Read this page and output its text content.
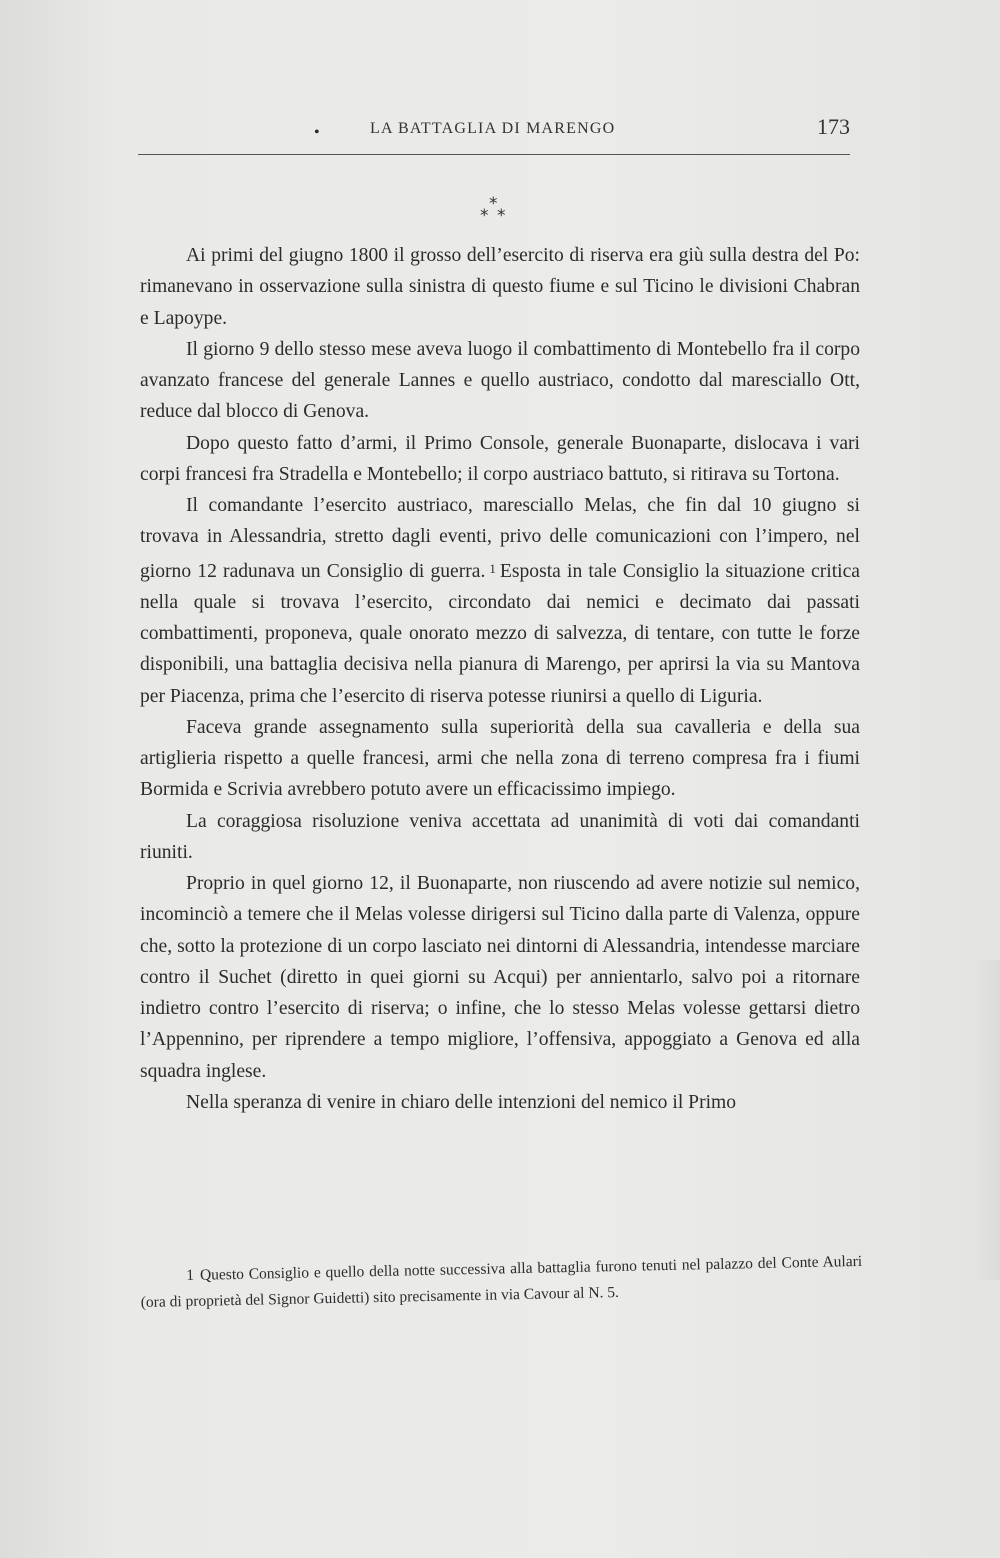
•	LA BATTAGLIA DI MARENGO	173
*
* *

Ai primi del giugno 1800 il grosso dell’esercito di riserva era giù sulla destra del Po: rimanevano in osservazione sulla sinistra di questo fiume e sul Ticino le divisioni Chabran e Lapoype.

Il giorno 9 dello stesso mese aveva luogo il combattimento di Montebello fra il corpo avanzato francese del generale Lannes e quello austriaco, condotto dal maresciallo Ott, reduce dal blocco di Genova.

Dopo questo fatto d’armi, il Primo Console, generale Buonaparte, dislocava i vari corpi francesi fra Stradella e Montebello; il corpo austriaco battuto, si ritirava su Tortona.

Il comandante l’esercito austriaco, maresciallo Melas, che fin dal 10 giugno si trovava in Alessandria, stretto dagli eventi, privo delle comunicazioni con l’impero, nel giorno 12 radunava un Consiglio di guerra. $^1$ Esposta in tale Consiglio la situazione critica nella quale si trovava l’esercito, circondato dai nemici e decimato dai passati combattimenti, proponeva, quale onorato mezzo di salvezza, di tentare, con tutte le forze disponibili, una battaglia decisiva nella pianura di Marengo, per aprirsi la via su Mantova per Piacenza, prima che l’esercito di riserva potesse riunirsi a quello di Liguria.

Faceva grande assegnamento sulla superiorità della sua cavalleria e della sua artiglieria rispetto a quelle francesi, armi che nella zona di terreno compresa fra i fiumi Bormida e Scrivia avrebbero potuto avere un efficacissimo impiego.

La coraggiosa risoluzione veniva accettata ad unanimità di voti dai comandanti riuniti.

Proprio in quel giorno 12, il Buonaparte, non riuscendo ad avere notizie sul nemico, incominciò a temere che il Melas volesse dirigersi sul Ticino dalla parte di Valenza, oppure che, sotto la protezione di un corpo lasciato nei dintorni di Alessandria, intendesse marciare contro il Suchet (diretto in quei giorni su Acqui) per annientarlo, salvo poi a ritornare indietro contro l’esercito di riserva; o infine, che lo stesso Melas volesse gettarsi dietro l’Appennino, per riprendere a tempo migliore, l’offensiva, appoggiato a Genova ed alla squadra inglese.

Nella speranza di venire in chiaro delle intenzioni del nemico il Primo

1 Questo Consiglio e quello della notte successiva alla battaglia furono tenuti nel palazzo del Conte Aulari (ora di proprietà del Signor Guidetti) sito precisamente in via Cavour al N. 5.
